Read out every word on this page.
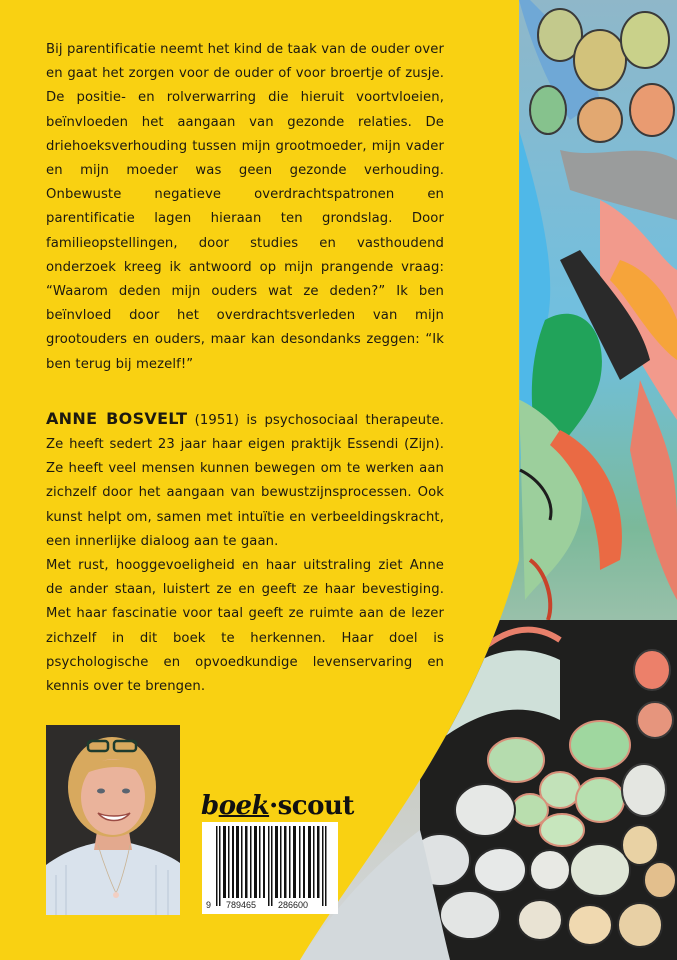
Bij parentificatie neemt het kind de taak van de ouder over en gaat het zorgen voor de ouder of voor broertje of zusje. De positie- en rolverwarring die hieruit voortvloeien, beïnvloeden het aangaan van gezonde relaties. De driehoeksverhouding tussen mijn grootmoeder, mijn vader en mijn moeder was geen gezonde verhouding. Onbewuste negatieve overdrachtspatronen en parentificatie lagen hieraan ten grondslag. Door familieopstellingen, door studies en vasthoudend onderzoek kreeg ik antwoord op mijn prangende vraag: “Waarom deden mijn ouders wat ze deden?” Ik ben beïnvloed door het overdrachtsverleden van mijn grootouders en ouders, maar kan desondanks zeggen: “Ik ben terug bij mezelf!”

ANNE BOSVELT (1951) is psychosociaal therapeute. Ze heeft sedert 23 jaar haar eigen praktijk Essendi (Zijn). Ze heeft veel mensen kunnen bewegen om te werken aan zichzelf door het aangaan van bewustzijnsprocessen. Ook kunst helpt om, samen met intuïtie en verbeeldingskracht, een innerlijke dialoog aan te gaan.

Met rust, hooggevoeligheid en haar uitstraling ziet Anne de ander staan, luistert ze en geeft ze haar bevestiging. Met haar fascinatie voor taal geeft ze ruimte aan de lezer zichzelf in dit boek te herkennen. Haar doel is psychologische en opvoedkundige levenservaring en kennis over te brengen.

boek·scout
9 789465 286600
